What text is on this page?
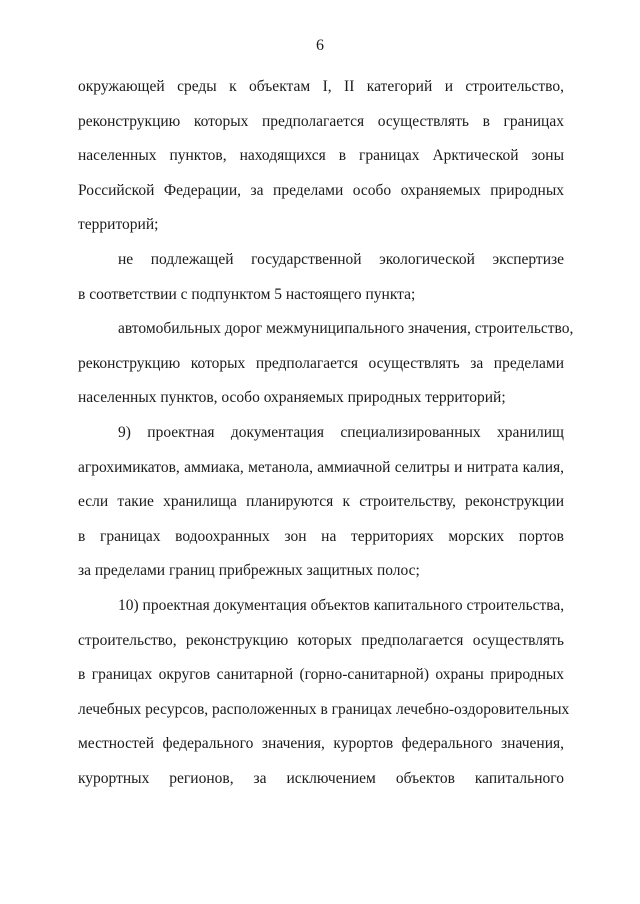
6
окружающей среды к объектам I, II категорий и строительство,
реконструкцию которых предполагается осуществлять в границах
населенных пунктов, находящихся в границах Арктической зоны
Российской Федерации, за пределами особо охраняемых природных
территорий;
не подлежащей государственной экологической экспертизе
в соответствии с подпунктом 5 настоящего пункта;
автомобильных дорог межмуниципального значения, строительство,
реконструкцию которых предполагается осуществлять за пределами
населенных пунктов, особо охраняемых природных территорий;
9) проектная документация специализированных хранилищ
агрохимикатов, аммиака, метанола, аммиачной селитры и нитрата калия,
если такие хранилища планируются к строительству, реконструкции
в границах водоохранных зон на территориях морских портов
за пределами границ прибрежных защитных полос;
10) проектная документация объектов капитального строительства,
строительство, реконструкцию которых предполагается осуществлять
в границах округов санитарной (горно-санитарной) охраны природных
лечебных ресурсов, расположенных в границах лечебно-оздоровительных
местностей федерального значения, курортов федерального значения,
курортных регионов, за исключением объектов капитального
